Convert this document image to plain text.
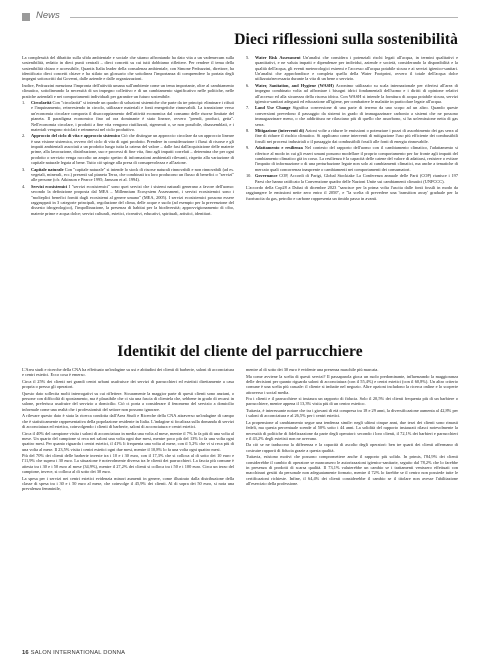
News
Dieci riflessioni sulla sostenibilità

La complessità del dibattito sulla sfida ambientale e sociale che stiamo affrontando ha dato vita a un vademecum sulla sostenibilità, redatto in dieci punti centrali – dieci concetti su cui tutti dobbiamo riflettere. Per rendere il tema della sostenibilità chiaro e accessibile, Quantis Italia leader della consulenza ambientale, con Simone Pedrazzini, direttore, ha identificato dieci concetti chiave e ha stilato un glossario che sottolinea l'importanza di comprendere la portata degli impegni sottoscritti dai Governi, dalle aziende e dalle organizzazioni.

Inoltre, Pedrazzini menziona l'impronta dell'attività umana sull'ambiente come un tema importante, oltre al cambiamento climatico, sottolineando la necessità di un impegno collettivo e di un cambiamento significativo nelle politiche, nelle pratiche aziendali e nei comportamenti individuali per garantire un futuro sostenibile.

1. Circolarità Con "circolarità" si intende un quadro di soluzioni sistemiche che parte da tre principi: eliminare i rifiuti e l'inquinamento, reinvestendo in circolo, utilizzare materiali e fonti energetiche rinnovabili. La transizione verso un'economia circolare comporta il disaccoppiamento dell'attività economica dal consumo delle risorse limitate del pianeta. Il paradigma economico fino ad ora dominante è stato lineare, ovvero "prendi, produci, getta". Nell'economia circolare, i prodotti a fine vita vengono riutilizzati, rigenerati o, se non possibile, disassemblati, e i materiali vengono riciclati e reimmessi nel ciclo produttivo.

2. Approccio del ciclo di vita e approccio sistemico Ciò che distingue un approccio circolare da un approccio lineare è una visione sistemica, ovvero del ciclo di vita di ogni prodotto. Prendere in considerazione i flussi di risorse e gli impatti ambientali associati a un prodotto lungo tutta la catena del valore – dalle fasi dall'acquisizione delle materie prime, alla lavorazione, distribuzione, uso e processi di fine vita, fino agli impatti correlati – determina che per ogni prodotto o servizio venga raccolto un ampio spettro di informazioni ambientali rilevanti, rispetto alla variazione di capitale naturale legata al bene. Tutto ciò spinge alla presa di consapevolezza e all'azione.

3. Capitale naturale Con "capitale naturale" si intende lo stock di risorse naturali rinnovabili e non rinnovabili (ad es. vegetali, minerali, ecc.) presenti sul pianeta Terra, che combinati tra loro producono un flusso di benefici o "servizi" alle persone (cfr. Atkinson e Pearce 1995; Jansson et al. 1994).

4. Servizi ecosistemici I "servizi ecosistemici" sono quei servizi che i sistemi naturali generano a favore dell'uomo: secondo la definizione proposta dal MEA – Millennium Ecosystem Assessment, i servizi ecosistemici sono i "molteplici benefici forniti dagli ecosistemi al genere umano" (MEA, 2005). I servizi ecosistemici possono essere raggruppati in 3 categorie principali, regolazione del clima, delle acque e suolo (ad esempio per la prevenzione del dissesto idrogeologico), l'impollinazione, la presenza di habitat per la biodiversità; approvvigionamento di cibo, materie prime e acqua dolce; servizi culturali, estetici, ricreativi, educativi, spirituali, artistici, identitari.

5. Water Risk Assessment Un'analisi che considera i potenziali rischi legati all'acqua, in termini qualitativi e quantitativi, e ne valuta impatti e dipendenze per individui, aziende e società, considerando la disponibilità e la qualità dell'acqua, gli eventi meteorologici estremi e l'accesso all'acqua potabile sicura e ai servizi igienico-sanitari. Un'analisi che approfondisce e completa quella della Water Footprint, ovvero il totale dell'acqua dolce utilizzata/necessaria durante la vita di un bene o servizio.

6. Water, Sanitation, and Hygiene (WASH) Acronimo utilizzato su scala internazionale per riferirsi all'area di impegno combinato volta ad affrontare i bisogni idrici fondamentali dell'uomo e i diritti di opinione relativi all'accesso ed alla sicurezza della risorsa idrica. Con WASH si intende la fornitura di acqua potabile sicura, servizi igienico-sanitari adeguati ed educazione all'igiene, per combattere le malattie in particolare legate all'acqua.

7. Land Use Change Significa conversione di una parte di terreno da uno scopo ad un altro. Quando queste conversioni prevedono il passaggio da sistemi in grado di immagazzinare carbonio a sistemi che ne possono immagazzinare meno, o che addirittura ne rilasciano più di quello che assorbono, si ha un'emissione netta di gas serra.

8. Mitigazione (interventi di) Azioni volte a ridurre le emissioni o potenziare i pozzi di assorbimento dei gas serra al fine di ridurre il rischio climatico. Si applicano come interventi di mitigazione l'uso più efficiente dei combustibili fossili nei processi industriali o il passaggio dai combustibili fossili alle fonti di energia rinnovabile.

9. Adattamento e resilienza Nel contesto del rapporto dell'uomo con il cambiamento climatico, l'adattamento si riferisce al modo in cui gli esseri umani possono modellare il proprio comportamento per far fronte agli impatti del cambiamento climatico già in corso. La resilienza è la capacità delle catene del valore di adattarsi, resistere o evitare l'impatto di informazione o di una perturbazione legate non solo ai cambiamenti climatici, ma anche a tematiche di mercato quali concorrenza inasprente o cambiamenti nei comportamenti dei consumatori.

10. Governance COP, Accordi di Parigi, Global Stocktake La Conferenza annuale delle Parti (COP) riunisce i 197 Paesi che hanno ratificato la Convenzione quadro delle Nazioni Unite sui cambiamenti climatici (UNFCCC).

L'accordo della Cop28 a Dubai di dicembre 2023 "sancisce per la prima volta l'uscita dalle fonti fossili in modo da raggiungere le emissioni nette zero entro il 2050", e "la scelta di prevedere una 'transition away' graduale per la fuoriuscita da gas, petrolio e carbone rappresenta un timido passo in avanti.

Identikit del cliente del parrucchiere

L'Area studi e ricerche della CNA ha effettuato un'indagine su usi e abitudini dei clienti di barberie, saloni di acconciatura e centri estetici. Ecco cosa è emerso.

Circa il 25% dei clienti nei grandi centri urbani usufruisce dei servizi di parrucchieri ed estetisti direttamente a casa propria o presso gli operatori.

Questo dato sollecita molti interrogativi su cui riflettere. Sicuramente la maggior parte di questi clienti sono anziani, o persone con difficoltà di spostamento, ma è plausibile che ci sia una fascia di clientela che, sebbene in grado di recarsi in salone, preferisca usufruire del servizio a domicilio. Ciò ci porta a considerare il fenomeno del servizio a domicilio informale come una realtà che i professionisti del settore non possono ignorare.

A rilevare questo dato è stata la ricerca condotta dall'Area Studi e Ricerche della CNA attraverso un'indagine di campo che è statisticamente rappresentativa della popolazione residente in Italia. L'indagine si focalizza sulla domanda di servizi di acconciatura ed estetica, coinvolgendo i clienti di barberie, saloni di acconciatura e centri estetici.

Circa il 40% del campione visita i saloni di acconciatura in media una volta al mese, mentre il 7% lo fa più di una volta al mese. Un quarto del campione si reca nei saloni una volta ogni due mesi, mentre poco più del 13% lo fa una volta ogni quattro mesi. Per quanto riguarda i centri estetici, il 41% li frequenta una volta al mese, con il 5,2% che vi si reca più di una volta al mese. Il 23,5% visita i centri estetici ogni due mesi, mentre il 10,8% lo fa una volta ogni quattro mesi.

Più del 70% dei clienti delle barberie investe tra i 10 e i 30 euro, con il 17,3% che si colloca al di sotto dei 10 euro e l'11,9% che supera i 30 euro. La situazione è notevolmente diversa tra le clienti dei parrucchieri. La fascia più comune è attesta tra i 30 e i 50 euro al mese (34,9%), mentre il 27,2% dei clienti si colloca tra i 50 e i 100 euro. Circa un terzo del campione, invece, si colloca al di sotto dei 30 euro.

La spesa per i servizi nei centri estetici evidenzia minori aumenti in genere, come illustrato dalla distribuzione della classe di spesa tra i 30 e i 50 euro al mese, che coinvolge il 45,9% dei clienti. Al di sopra dei 50 euro, si nota una prevalenza femminile,

mentre al di sotto dei 30 euro è evidente una presenza maschile più marcata.

Ma come avviene la scelta di questi servizi? Il passaparola gioca un ruolo predominante, influenzando la maggioranza delle decisioni per quanto riguarda saloni di acconciatura (con il 55,4%) e centri estetici (con il 60,8%). Un altro criterio comune è una scelta più casuale: il cliente si imbatte nel negozio. Altre opzioni includono la ricerca online e lo scoperte attraverso i social media.

Fra i clienti e il parrucchiere si instaura un rapporto di fiducia. Solo il 20,5% dei clienti frequenta più di un barbiere o parrucchiere, mentre appena il 13,3% visita più di un centro estetico.

Tuttavia, è interessante notare che tra i giovani di età compresa tra 18 e 29 anni, la diversificazione aumenta al 42,8% per i saloni di acconciatura e al 26,5% per i centri estetici.

La propensione al cambiamento segue una tendenza simile: negli ultimi cinque anni, due terzi dei clienti sono rimasti fedeli, ma questa percentuale scende al 50% sotto i 44 anni. La solidità del rapporto instaurati rilasci notevolmente la necessità di politiche di fidelizzazione da parte degli operatori: secondo i loro clienti, il 72,1% dei barbieri e parrucchieri e il 43,2% degli estetisti non ne avevano.

Da ciò se ne traducono la differenza e la capacità di ascolto degli operatori: ben tre quarti dei clienti affermano di costruire rapporti di fiducia grazie a questa qualità.

Tuttavia, esistono motivi che possono compromettere anche il rapporto più solido. In primis, l'84,9% dei clienti considerebbe il cambio di operatore se mancassero le autorizzazioni igienico-sanitarie, seguito dal 78,2% che lo farebbe in presenza di prodotti di scarsa qualità. Il 73,1% valuterebbe un cambio se i trattamenti venissero effettuati con macchinari gestiti da personale non adeguatamente formato, mentre il 72% lo farebbe se il centro non possiede tutte le certificazioni richieste. Infine, il 64,4% dei clienti considerebbe il cambio se il titolare non avesse l'abilitazione all'esercizio della professione.

16 SALON INTERNATIONAL DONNA
